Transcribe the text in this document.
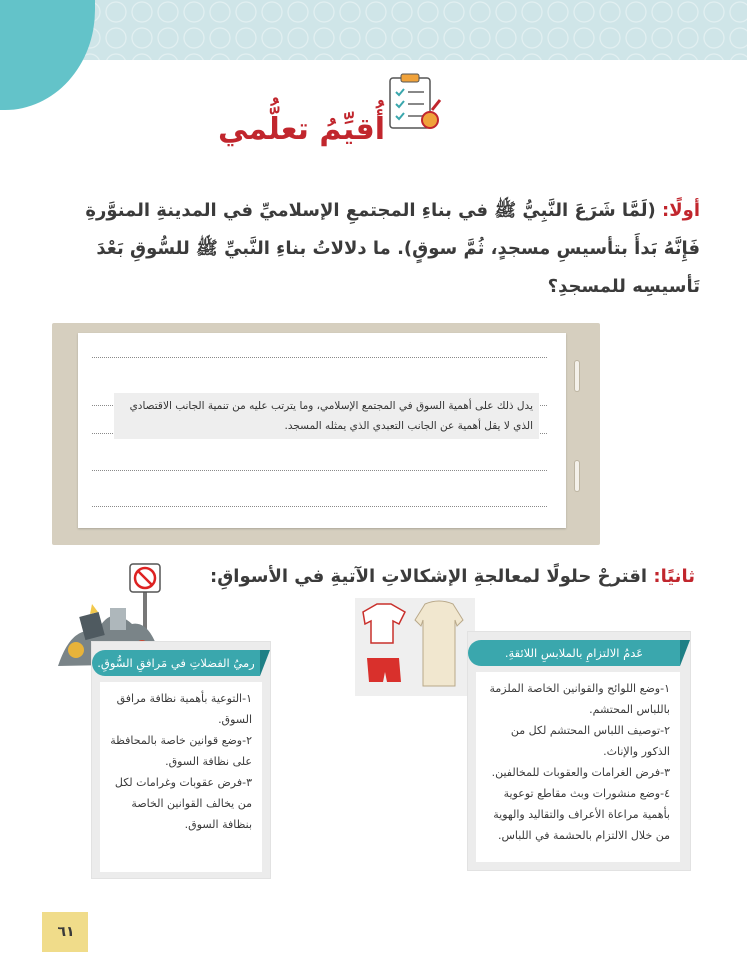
أُقيِّمُ تعلُّمي
أولًا: (لَمَّا شَرَعَ النَّبِيُّ ﷺ في بناءِ المجتمعِ الإسلاميِّ في المدينةِ المنوَّرةِ فَإِنَّهُ بَدأَ بتأسيسِ مسجدٍ، ثُمَّ سوقٍ). ما دلالاتُ بناءِ النَّبيِّ ﷺ للسُّوقِ بَعْدَ تَأسيسِه للمسجدِ؟
يدل ذلك على أهمية السوق في المجتمع الإسلامي، وما يترتب عليه من تنمية الجانب الاقتصادي الذي لا يقل أهمية عن الجانب التعبدي الذي يمثله المسجد.
ثانيًا: اقترحْ حلولًا لمعالجةِ الإشكالاتِ الآتيةِ في الأسواقِ:
عَدمُ الالتزامِ بالملابسِ اللائقةِ.

١-وضع اللوائح والقوانين الخاصة الملزمة باللباس المحتشم.

٢-توصيف اللباس المحتشم لكل من الذكور والإناث.

٣-فرض الغرامات والعقوبات للمخالفين.

٤-وضع منشورات وبث مقاطع توعوية بأهمية مراعاة الأعراف والتقاليد والهوية من خلال الالتزام بالحشمة في اللباس.

رميُ الفضلاتِ في مَرافقِ السُّوقِ.

١-التوعية بأهمية نظافة مرافق السوق.

٢-وضع قوانين خاصة بالمحافظة على نظافة السوق.

٣-فرض عقوبات وغرامات لكل من يخالف القوانين الخاصة بنظافة السوق.

٦١
